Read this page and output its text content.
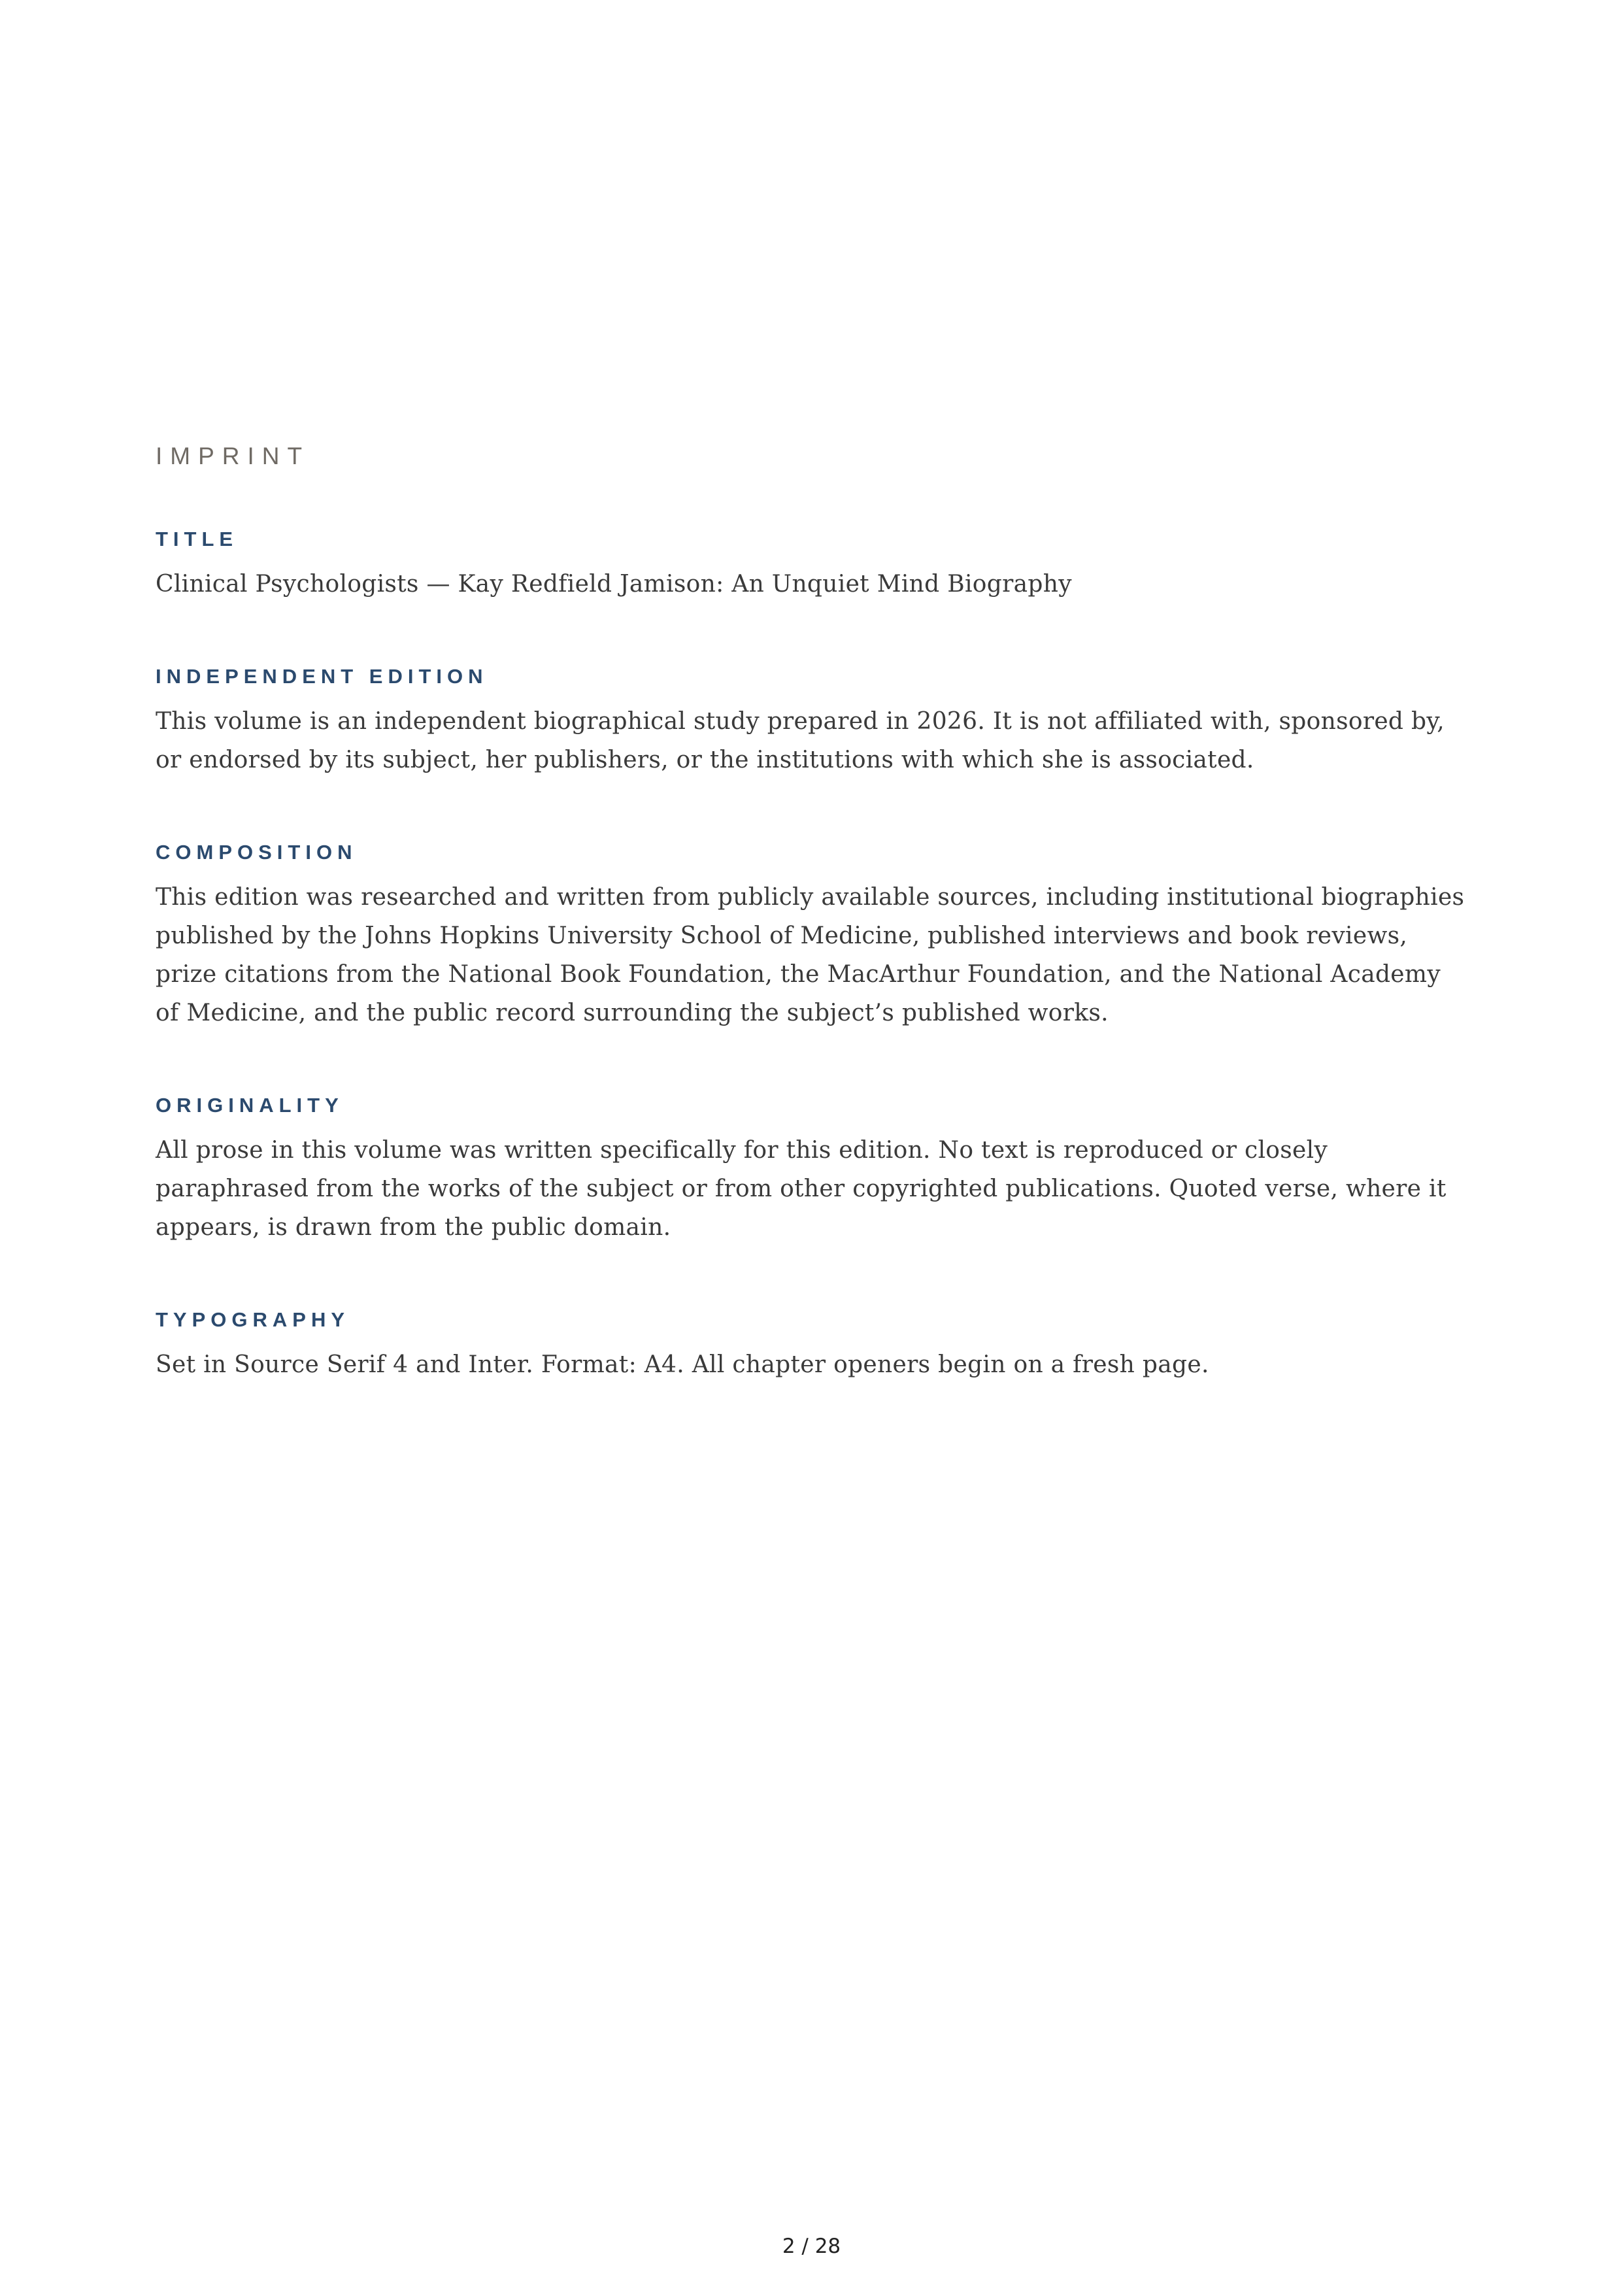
IMPRINT
TITLE

Clinical Psychologists — Kay Redfield Jamison: An Unquiet Mind Biography

INDEPENDENT EDITION

This volume is an independent biographical study prepared in 2026. It is not affiliated with, sponsored by, or endorsed by its subject, her publishers, or the institutions with which she is associated.

COMPOSITION

This edition was researched and written from publicly available sources, including institutional biographies published by the Johns Hopkins University School of Medicine, published interviews and book reviews, prize citations from the National Book Foundation, the MacArthur Foundation, and the National Academy of Medicine, and the public record surrounding the subject’s published works.

ORIGINALITY

All prose in this volume was written specifically for this edition. No text is reproduced or closely paraphrased from the works of the subject or from other copyrighted publications. Quoted verse, where it appears, is drawn from the public domain.

TYPOGRAPHY

Set in Source Serif 4 and Inter. Format: A4. All chapter openers begin on a fresh page.

2 / 28
